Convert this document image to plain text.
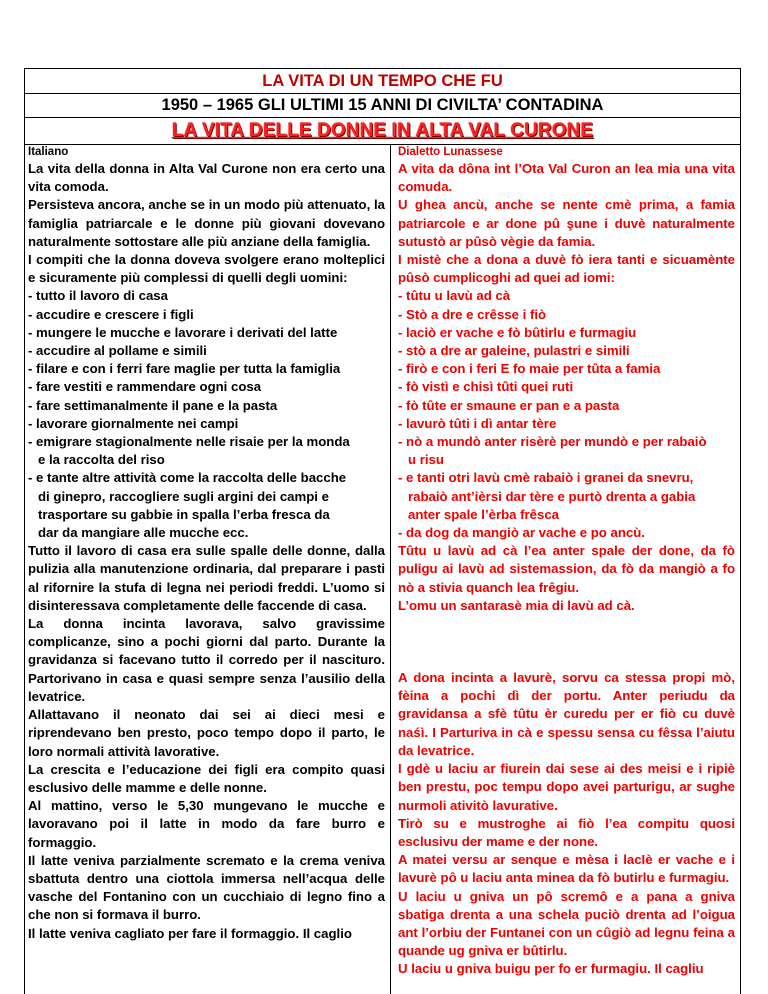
LA VITA DI UN TEMPO CHE FU
1950 – 1965 GLI ULTIMI 15 ANNI DI CIVILTA’ CONTADINA
LA VITA DELLE DONNE IN ALTA VAL CURONE
Italiano

La vita della donna in Alta Val Curone non era certo una vita comoda.

Persisteva ancora, anche se in un modo più attenuato, la famiglia patriarcale e le donne più giovani dovevano naturalmente sottostare alle più anziane della famiglia.

I compiti che la donna doveva svolgere erano molteplici e sicuramente più complessi di quelli degli uomini:

- tutto il lavoro di casa

- accudire e crescere i figli

- mungere le mucche e lavorare i derivati del latte

- accudire al pollame e simili

- filare e con i ferri fare maglie per tutta la famiglia

- fare vestiti e rammendare ogni cosa

- fare settimanalmente il pane e la pasta

- lavorare giornalmente nei campi

- emigrare stagionalmente nelle risaie per la monda

e la raccolta del riso

- e tante altre attività come la raccolta delle bacche

di ginepro, raccogliere sugli argini dei campi e

trasportare su gabbie in spalla l’erba fresca da

dar da mangiare alle mucche ecc.

Tutto il lavoro di casa era sulle spalle delle donne, dalla pulizia alla manutenzione ordinaria, dal preparare i pasti al rifornire la stufa di legna nei periodi freddi. L’uomo si disinteressava completamente delle faccende di casa.

La donna incinta lavorava, salvo gravissime complicanze, sino a pochi giorni dal parto. Durante la gravidanza si facevano tutto il corredo per il nascituro. Partorivano in casa e quasi sempre senza l’ausilio della levatrice.

Allattavano il neonato dai sei ai dieci mesi e riprendevano ben presto, poco tempo dopo il parto, le loro normali attività lavorative.

La crescita e l’educazione dei figli era compito quasi esclusivo delle mamme e delle nonne.

Al mattino, verso le 5,30 mungevano le mucche e lavoravano poi il latte in modo da fare burro e formaggio.

Il latte veniva parzialmente scremato e la crema veniva sbattuta dentro una ciottola immersa nell’acqua delle vasche del Fontanino con un cucchiaio di legno fino a che non si formava il burro.

Il latte veniva cagliato per fare il formaggio. Il caglio

Dialetto Lunassese

A vita da dôna int l’Ota Val Curon an lea mia una vita comuda.

U ghea ancù, anche se nente cmè prima, a famia patriarcole e ar done pû şune i duvè naturalmente sutustò ar pûsò vègie da famia.

I mistè che a dona a duvè fò iera tanti e sicuamènte pûsò cumplicoghi ad quei ad iomi:

- tûtu u lavù ad cà

- Stò a dre e crêsse i fiò

- laciò er vache e fò bûtirlu e furmagiu

- stò a dre ar galeine, pulastri e simili

- firò e con i feri E fo maie per tûta a famia

- fò vistì e chisì tûti quei ruti

- fò tûte er smaune er pan e a pasta

- lavurò tûti i dì antar tère

- nò a mundò anter risèrè per mundò e per rabaiò

u risu

- e tanti otri lavù cmè rabaiò i granei da snevru,

rabaiò ant’ièrsi dar tère e purtò drenta a gabia

anter spale l’èrba frêsca

- da dog da mangiò ar vache e po ancù.

Tûtu u lavù ad cà l’ea anter spale der done, da fò puligu ai lavù ad sistemassion, da fò da mangiò a fo nò a stivia quanch lea frêgiu.

L’omu un santarasè mia di lavù ad cà.

A dona incinta a lavurè, sorvu ca stessa propi mò, fèina a pochi dì der portu. Anter periudu da gravidansa a sfè tûtu èr curedu per er fiò cu duvè naśì. I Parturiva in cà e spessu sensa cu fêssa l’aiutu da levatrice.

I gdè u laciu ar fiurein dai sese ai des meisi e i ripiè ben prestu, poc tempu dopo avei parturigu, ar sughe nurmoli ativitò lavurative.

Tirò su e mustroghe ai fiò l’ea compitu quosi esclusivu der mame e der none.

A matei versu ar senque e mèsa i lacIè er vache e i lavurè pô u laciu anta minea da fò butirlu e furmagiu.

U laciu u gniva un pô scremô e a pana a gniva sbatiga drenta a una schela puciò drenta ad l’oigua ant l’orbiu der Funtanei con un cûgiò ad legnu feina a quande ug gniva er bûtirlu.

U laciu u gniva buigu per fo er furmagiu. Il cagliu
